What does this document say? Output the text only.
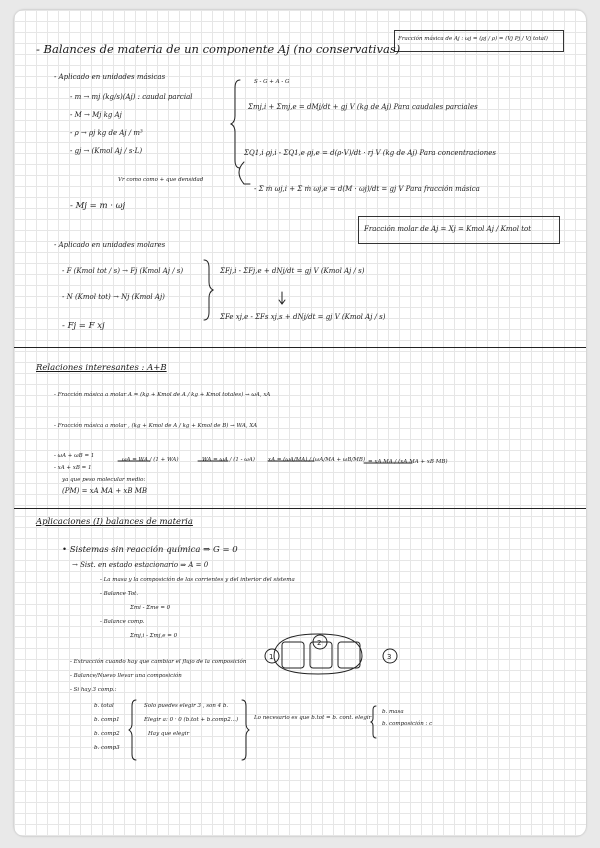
Fracción másica de Aj : ωj = (ρj / ρ) = (Vj Pj / Vj total)
- Balances de materia de un componente Aj (no conservativas)
- Aplicado en unidades másicas
- m → mj (kg/s)(Aj) : caudal parcial
- M → Mj kg Aj
- ρ → ρj kg de Aj / m³
- gj → (Kmol Aj / s·L)
Vr como como + que densidad
S - G + A - G
Σmj,i + Σmj,e = dMj/dt + gj V (kg de Aj) Para caudales parciales
ΣQ1,i ρj,i - ΣQ1,e ρj,e = d(ρ·V)/dt · rj V (kg de Aj) Para concentraciones
- Σ ṁ ωj,i + Σ ṁ ωj,e = d(M · ωj)/dt = gj V Para fracción másica
- Mj = m · ωj
Fracción molar de Aj = Xj = Kmol Aj / Kmol tot
- Aplicado en unidades molares
- F (Kmol tot / s) → Fj (Kmol Aj / s)
- N (Kmol tot) → Nj (Kmol Aj)
- Fj = F xj
ΣFj,i - ΣFj,e + dNj/dt = gj V (Kmol Aj / s)
ΣFe xj,e - ΣFs xj,s + dNj/dt = gj V (Kmol Aj / s)
Relaciones interesantes : A+B
- Fracción másica a molar A = (kg + Kmol de A / kg + Kmol totales) → ωA, xA
- Fracción másica a molar , (kg + Kmol de A / kg + Kmol de B) → WA, XA
- ωA + ωB = 1
- xA + xB = 1
ωA = WA / (1 + WA)	WA = ωA / (1 - ωA) xA = (ωA/MA) / (ωA/MA + ωB/MB) = xA MA / (xA MA + xB MB)
ya que peso molecular medio:
(PM) = xA MA + xB MB
Aplicaciones (I) balances de materia
• Sistemas sin reacción química ⇒ G = 0
→ Sist. en estado estacionario ⇒ A = 0
- La masa y la composición de las corrientes y del interior del sistema
- Balance Tot.
Σmi - Σme = 0
- Balance comp.
Σmj,i - Σmj,e = 0
- Extracción cuando hay que cambiar el flujo de la composición
- Balance/Nuevo llevar una composición
- Si hay 3 comp.:
b. total
b. comp1
b. comp2
b. comp3
Solo puedes elegir 3 , son 4 b.
Elegir a: 0 · 0 (b.tot + b.comp2...)
Hay que elegir
Lo necesario es que b.tot = b. cont. elegir
b. masa
b. composición : c
1
2
3
